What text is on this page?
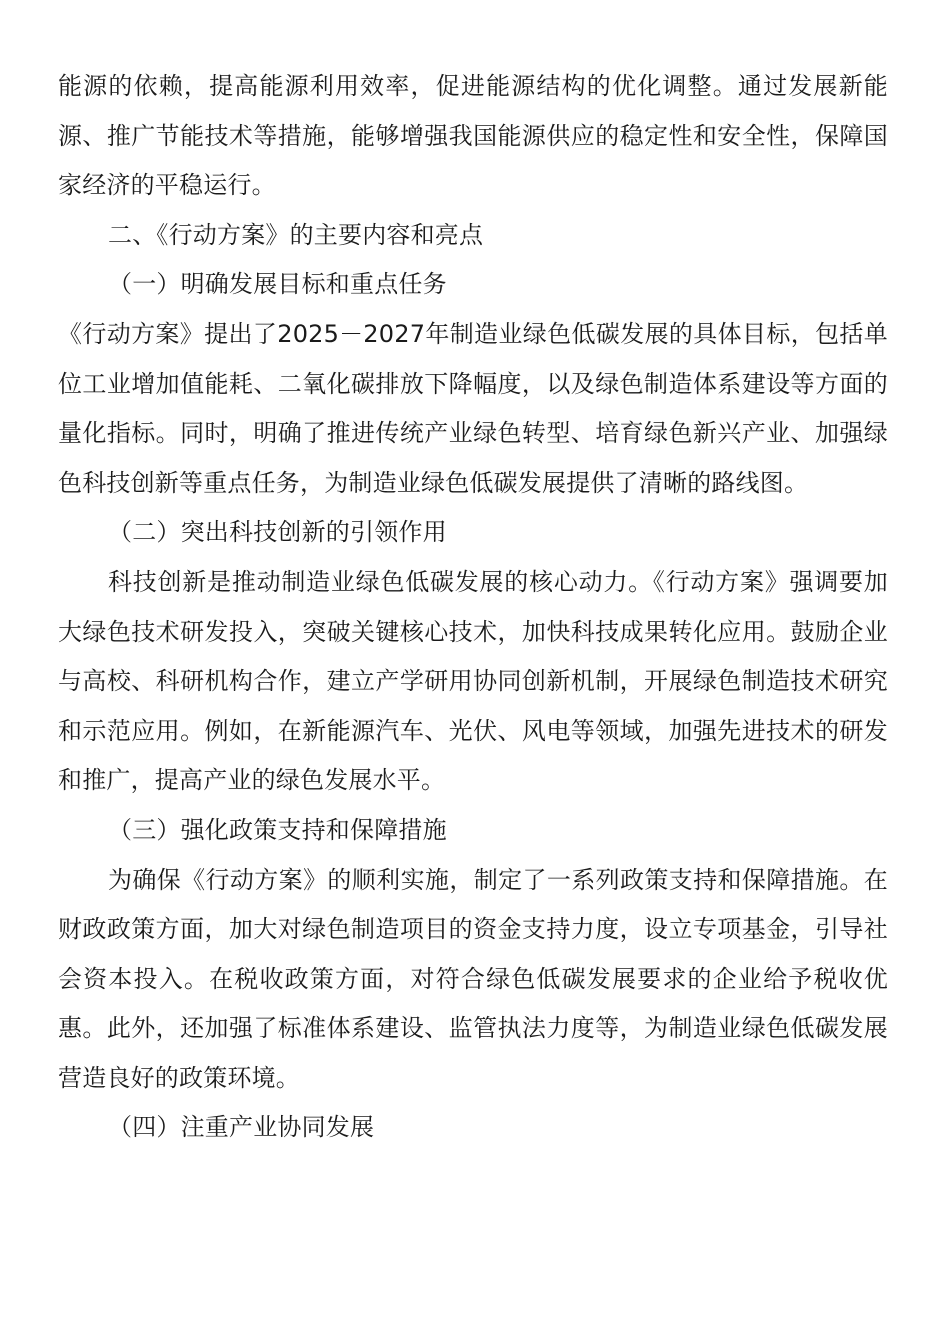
能源的依赖，提高能源利用效率，促进能源结构的优化调整。通过发展新能源、推广节能技术等措施，能够增强我国能源供应的稳定性和安全性，保障国家经济的平稳运行。

二、《行动方案》的主要内容和亮点

（一）明确发展目标和重点任务

《行动方案》提出了2025－2027年制造业绿色低碳发展的具体目标，包括单位工业增加值能耗、二氧化碳排放下降幅度，以及绿色制造体系建设等方面的量化指标。同时，明确了推进传统产业绿色转型、培育绿色新兴产业、加强绿色科技创新等重点任务，为制造业绿色低碳发展提供了清晰的路线图。

（二）突出科技创新的引领作用

科技创新是推动制造业绿色低碳发展的核心动力。《行动方案》强调要加大绿色技术研发投入，突破关键核心技术，加快科技成果转化应用。鼓励企业与高校、科研机构合作，建立产学研用协同创新机制，开展绿色制造技术研究和示范应用。例如，在新能源汽车、光伏、风电等领域，加强先进技术的研发和推广，提高产业的绿色发展水平。

（三）强化政策支持和保障措施

为确保《行动方案》的顺利实施，制定了一系列政策支持和保障措施。在财政政策方面，加大对绿色制造项目的资金支持力度，设立专项基金，引导社会资本投入。在税收政策方面，对符合绿色低碳发展要求的企业给予税收优惠。此外，还加强了标准体系建设、监管执法力度等，为制造业绿色低碳发展营造良好的政策环境。

（四）注重产业协同发展
